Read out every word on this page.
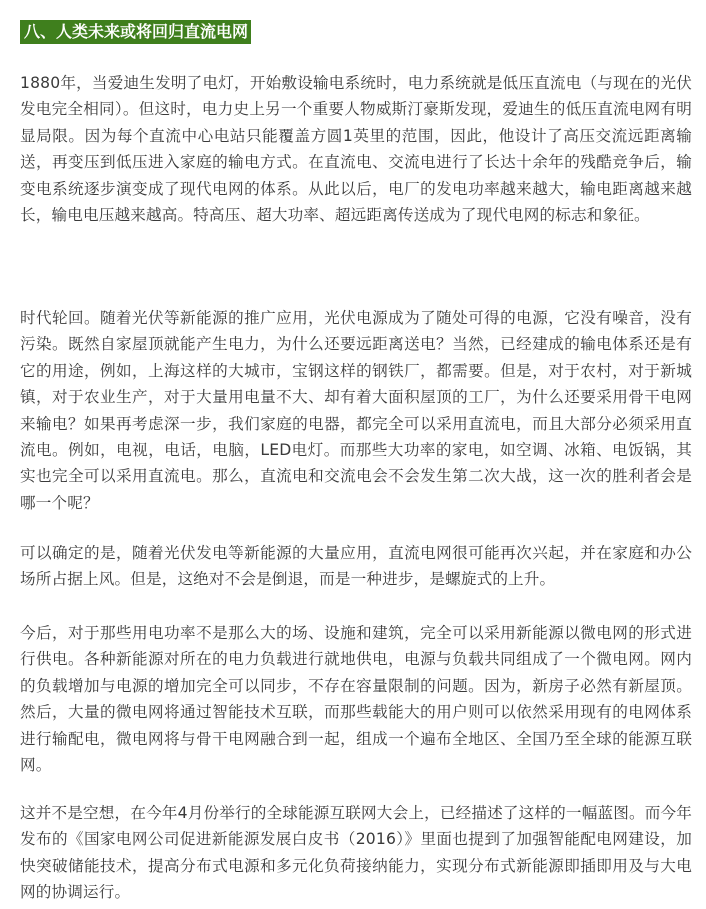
八、人类未来或将回归直流电网

1880年，当爱迪生发明了电灯，开始敷设输电系统时，电力系统就是低压直流电（与现在的光伏发电完全相同）。但这时，电力史上另一个重要人物威斯汀豪斯发现，爱迪生的低压直流电网有明显局限。因为每个直流中心电站只能覆盖方圆1英里的范围，因此，他设计了高压交流远距离输送，再变压到低压进入家庭的输电方式。在直流电、交流电进行了长达十余年的残酷竞争后，输变电系统逐步演变成了现代电网的体系。从此以后，电厂的发电功率越来越大，输电距离越来越长，输电电压越来越高。特高压、超大功率、超远距离传送成为了现代电网的标志和象征。

时代轮回。随着光伏等新能源的推广应用，光伏电源成为了随处可得的电源，它没有噪音，没有污染。既然自家屋顶就能产生电力，为什么还要远距离送电？当然，已经建成的输电体系还是有它的用途，例如，上海这样的大城市，宝钢这样的钢铁厂，都需要。但是，对于农村，对于新城镇，对于农业生产，对于大量用电量不大、却有着大面积屋顶的工厂，为什么还要采用骨干电网来输电？如果再考虑深一步，我们家庭的电器，都完全可以采用直流电，而且大部分必须采用直流电。例如，电视，电话，电脑，LED电灯。而那些大功率的家电，如空调、冰箱、电饭锅，其实也完全可以采用直流电。那么，直流电和交流电会不会发生第二次大战，这一次的胜利者会是哪一个呢？

可以确定的是，随着光伏发电等新能源的大量应用，直流电网很可能再次兴起，并在家庭和办公场所占据上风。但是，这绝对不会是倒退，而是一种进步，是螺旋式的上升。

今后，对于那些用电功率不是那么大的场、设施和建筑，完全可以采用新能源以微电网的形式进行供电。各种新能源对所在的电力负载进行就地供电，电源与负载共同组成了一个微电网。网内的负载增加与电源的增加完全可以同步，不存在容量限制的问题。因为，新房子必然有新屋顶。然后，大量的微电网将通过智能技术互联，而那些载能大的用户则可以依然采用现有的电网体系进行输配电，微电网将与骨干电网融合到一起，组成一个遍布全地区、全国乃至全球的能源互联网。

这并不是空想，在今年4月份举行的全球能源互联网大会上，已经描述了这样的一幅蓝图。而今年发布的《国家电网公司促进新能源发展白皮书（2016）》里面也提到了加强智能配电网建设，加快突破储能技术，提高分布式电源和多元化负荷接纳能力，实现分布式新能源即插即用及与大电网的协调运行。
